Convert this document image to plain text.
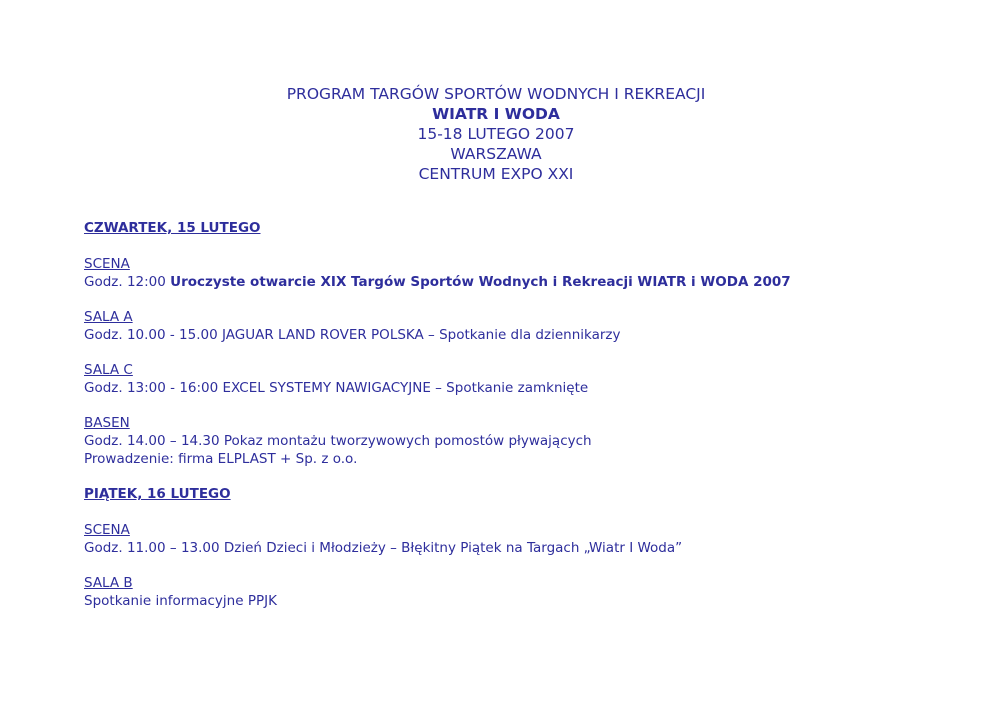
PROGRAM TARGÓW SPORTÓW WODNYCH I REKREACJI
WIATR I WODA
15-18 LUTEGO 2007
WARSZAWA
CENTRUM EXPO XXI
CZWARTEK, 15 LUTEGO
SCENA
Godz. 12:00 Uroczyste otwarcie XIX Targów Sportów Wodnych i Rekreacji WIATR i WODA 2007
SALA A
Godz. 10.00 - 15.00 JAGUAR LAND ROVER POLSKA – Spotkanie dla dziennikarzy
SALA C
Godz. 13:00 - 16:00 EXCEL SYSTEMY NAWIGACYJNE – Spotkanie zamknięte
BASEN
Godz. 14.00 – 14.30 Pokaz montażu tworzywowych pomostów pływających
Prowadzenie: firma ELPLAST + Sp. z o.o.
PIĄTEK, 16 LUTEGO
SCENA
Godz. 11.00 – 13.00 Dzień Dzieci i Młodzieży – Błękitny Piątek na Targach „Wiatr I Woda”
SALA B
Spotkanie informacyjne PPJK
